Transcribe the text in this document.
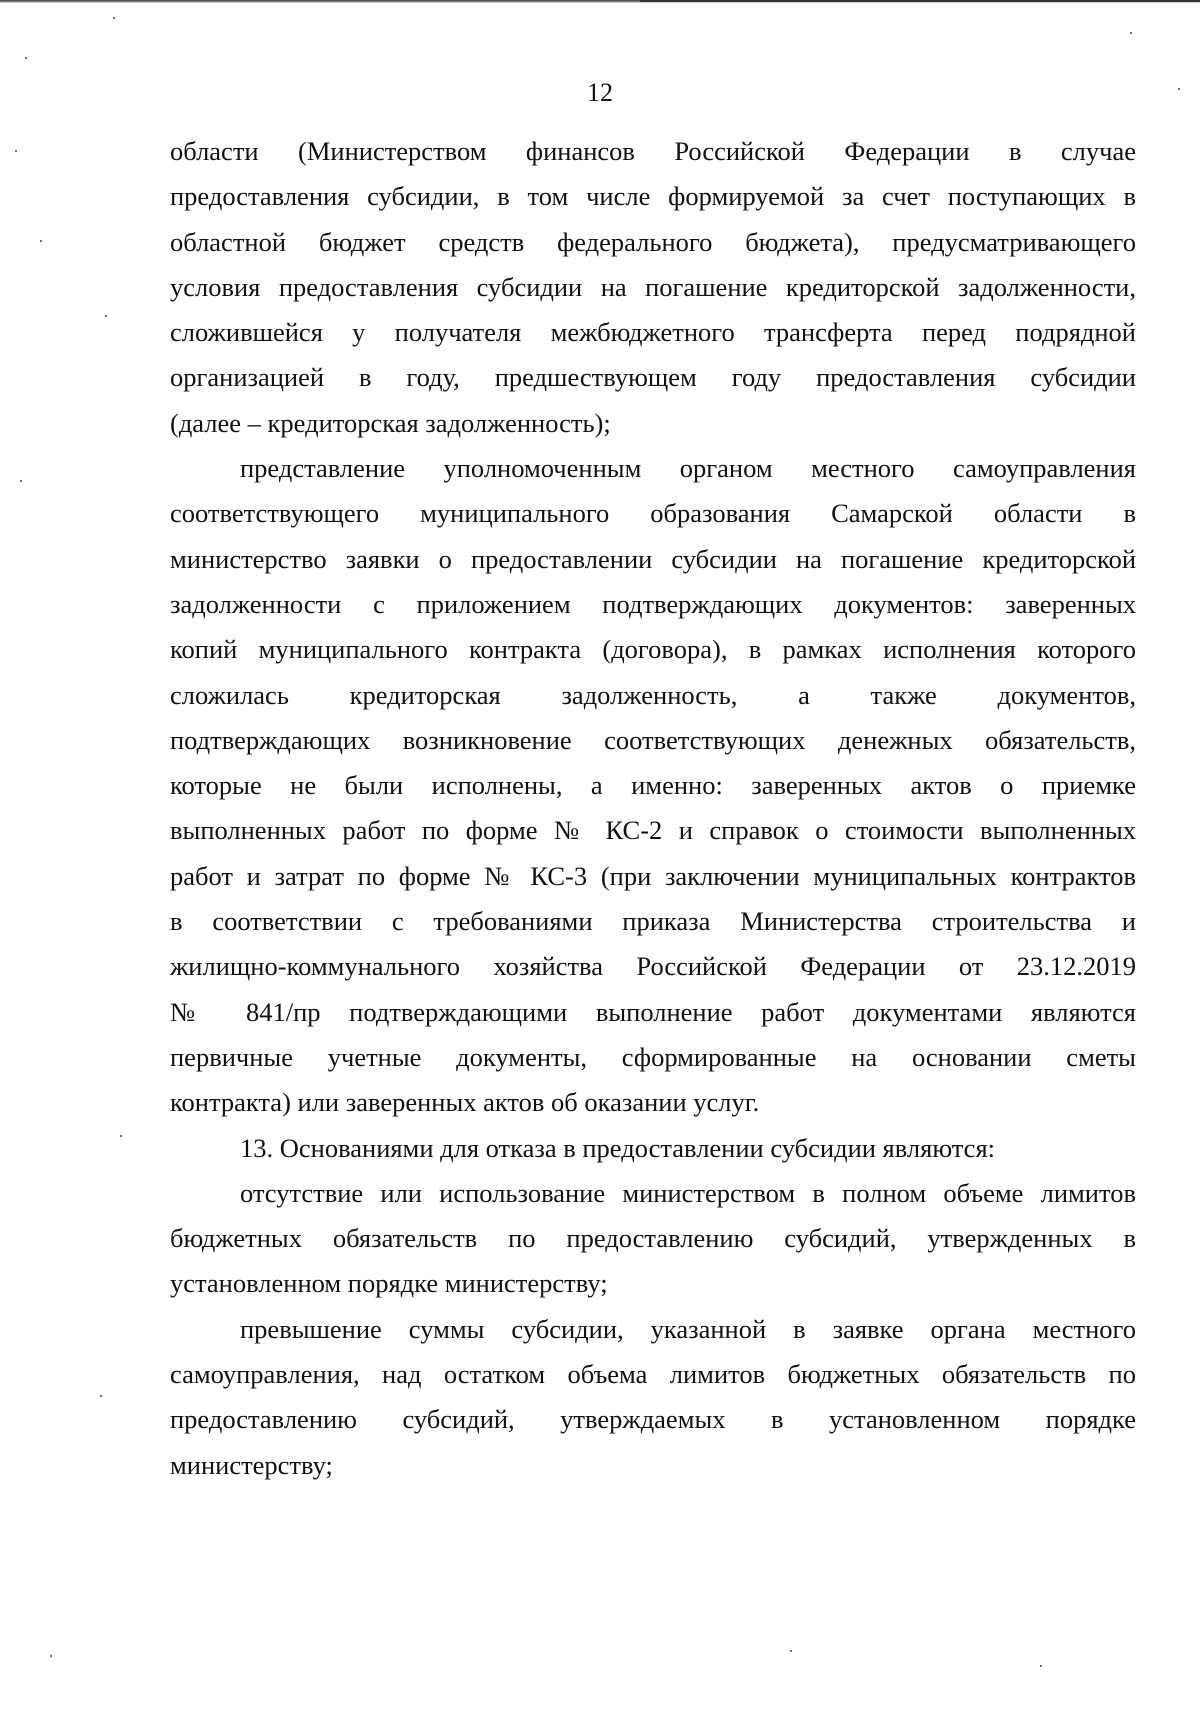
12
области (Министерством финансов Российской Федерации в случае
предоставления субсидии, в том числе формируемой за счет поступающих в
областной бюджет средств федерального бюджета), предусматривающего
условия предоставления субсидии на погашение кредиторской задолженности,
сложившейся у получателя межбюджетного трансферта перед подрядной
организацией в году, предшествующем году предоставления субсидии
(далее – кредиторская задолженность);
представление уполномоченным органом местного самоуправления
соответствующего муниципального образования Самарской области в
министерство заявки о предоставлении субсидии на погашение кредиторской
задолженности с приложением подтверждающих документов: заверенных
копий муниципального контракта (договора), в рамках исполнения которого
сложилась кредиторская задолженность, а также документов,
подтверждающих возникновение соответствующих денежных обязательств,
которые не были исполнены, а именно: заверенных актов о приемке
выполненных работ по форме № КС-2 и справок о стоимости выполненных
работ и затрат по форме № КС-3 (при заключении муниципальных контрактов
в соответствии с требованиями приказа Министерства строительства и
жилищно-коммунального хозяйства Российской Федерации от 23.12.2019
№ 841/пр подтверждающими выполнение работ документами являются
первичные учетные документы, сформированные на основании сметы
контракта) или заверенных актов об оказании услуг.
13. Основаниями для отказа в предоставлении субсидии являются:
отсутствие или использование министерством в полном объеме лимитов
бюджетных обязательств по предоставлению субсидий, утвержденных в
установленном порядке министерству;
превышение суммы субсидии, указанной в заявке органа местного
самоуправления, над остатком объема лимитов бюджетных обязательств по
предоставлению субсидий, утверждаемых в установленном порядке
министерству;
